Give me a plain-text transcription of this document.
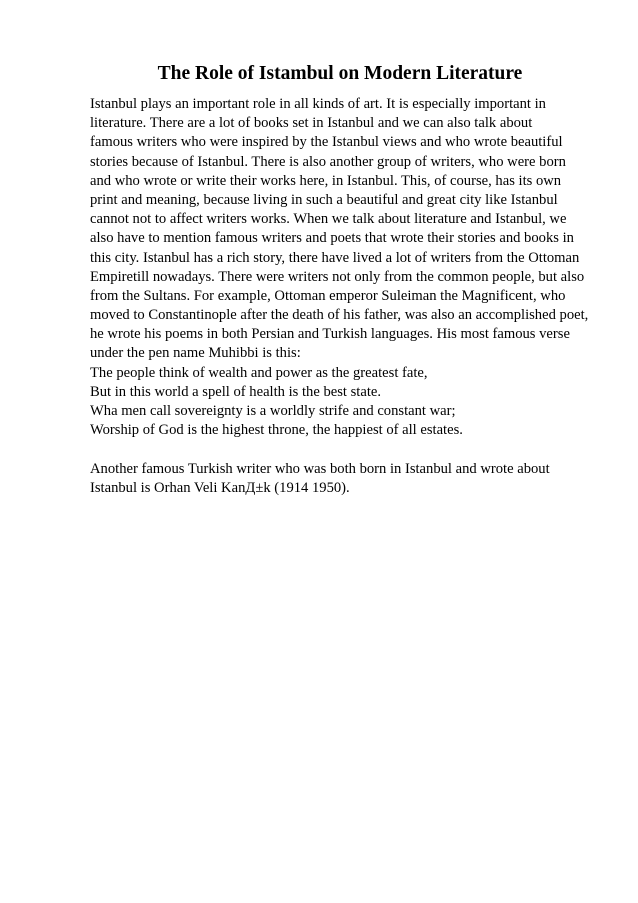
The Role of Istambul on Modern Literature
Istanbul plays an important role in all kinds of art. It is especially important in
literature. There are a lot of books set in Istanbul and we can also talk about
famous writers who were inspired by the Istanbul views and who wrote beautiful
stories because of Istanbul. There is also another group of writers, who were born
and who wrote or write their works here, in Istanbul. This, of course, has its own
print and meaning, because living in such a beautiful and great city like Istanbul
cannot not to affect writers works. When we talk about literature and Istanbul, we
also have to mention famous writers and poets that wrote their stories and books in
this city. Istanbul has a rich story, there have lived a lot of writers from the Ottoman
Empiretill nowadays. There were writers not only from the common people, but also
from the Sultans. For example, Ottoman emperor Suleiman the Magnificent, who
moved to Constantinople after the death of his father, was also an accomplished poet,
he wrote his poems in both Persian and Turkish languages. His most famous verse
under the pen name Muhibbi is this:
The people think of wealth and power as the greatest fate,
But in this world a spell of health is the best state.
Wha men call sovereignty is a worldly strife and constant war;
Worship of God is the highest throne, the happiest of all estates.
Another famous Turkish writer who was both born in Istanbul and wrote about
Istanbul is Orhan Veli KanД±k (1914 1950).
